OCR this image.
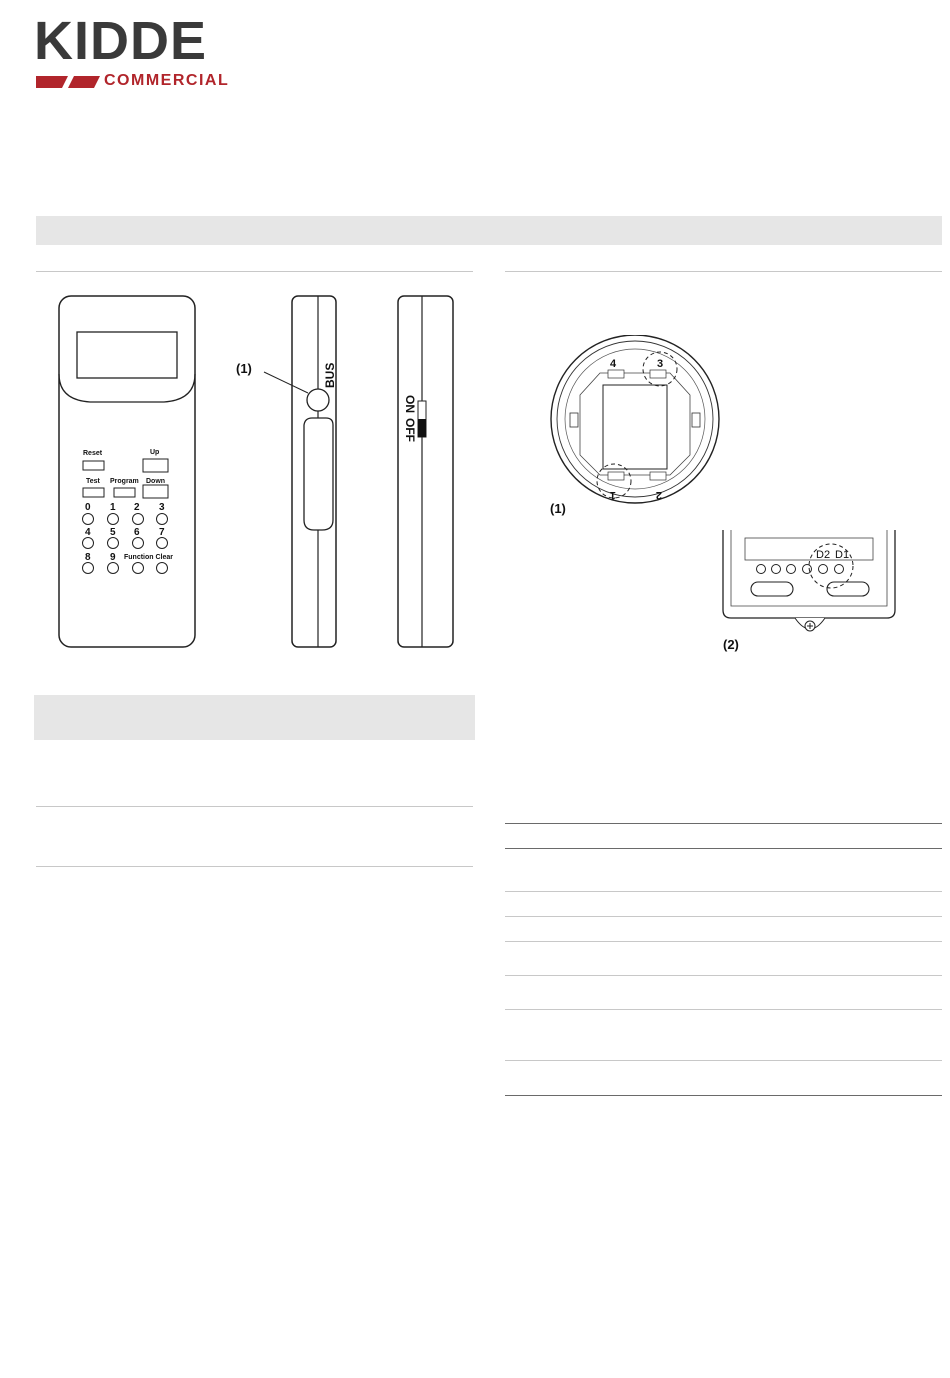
KIDDE
COMMERCIAL
Reset	Up
Test Program Down
0 1 2 3
4 5 6 7
8 9 Function Clear
BUS
(1)
ON
OFF
4	3
1	2
(1)
D2 D1
(2)
